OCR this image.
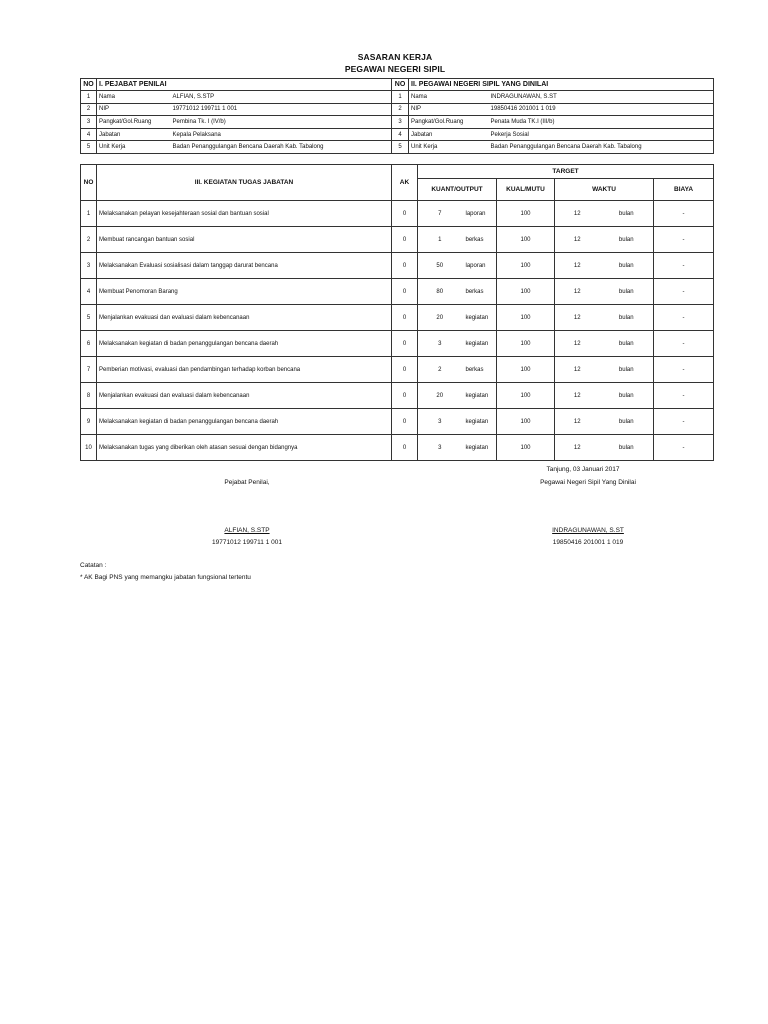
SASARAN KERJA
PEGAWAI NEGERI SIPIL
NO	I. PEJABAT PENILAI		NO	II. PEGAWAI NEGERI SIPIL YANG DINILAI	
1	Nama	ALFIAN, S.STP	1	Nama	INDRAGUNAWAN, S.ST
2	NIP	19771012 199711 1 001	2	NIP	19850416 201001 1 019
3	Pangkat/Gol.Ruang	Pembina Tk. I (IV/b)	3	Pangkat/Gol.Ruang	Penata Muda TK.I (III/b)
4	Jabatan	Kepala Pelaksana	4	Jabatan	Pekerja Sosial
5	Unit Kerja	Badan Penanggulangan Bencana Daerah Kab. Tabalong	5	Unit Kerja	Badan Penanggulangan Bencana Daerah Kab. Tabalong
NO	III. KEGIATAN TUGAS JABATAN	AK	TARGET					
			KUANT/OUTPUT		KUAL/MUTU	WAKTU		BIAYA
1	Melaksanakan pelayan kesejahteraan sosial dan bantuan sosial	0	7	laporan	100	12	bulan	-
2	Membuat rancangan bantuan sosial	0	1	berkas	100	12	bulan	-
3	Melaksanakan Evaluasi sosialisasi dalam tanggap darurat bencana	0	50	laporan	100	12	bulan	-
4	Membuat Penomoran Barang	0	80	berkas	100	12	bulan	-
5	Menjalankan evakuasi dan evaluasi dalam kebencanaan	0	20	kegiatan	100	12	bulan	-
6	Melaksanakan kegiatan di badan penanggulangan bencana daerah	0	3	kegiatan	100	12	bulan	-
7	Pemberian motivasi, evaluasi dan pendambingan terhadap korban bencana	0	2	berkas	100	12	bulan	-
8	Menjalankan evakuasi dan evaluasi dalam kebencanaan	0	20	kegiatan	100	12	bulan	-
9	Melaksanakan kegiatan di badan penanggulangan bencana daerah	0	3	kegiatan	100	12	bulan	-
10	Melaksanakan tugas yang diberikan oleh atasan sesuai dengan bidangnya	0	3	kegiatan	100	12	bulan	-
Tanjung, 03 Januari 2017
Pejabat Penilai,	Pegawai Negeri Sipil Yang Dinilai
ALFIAN, S.STP
19771012 199711 1 001
INDRAGUNAWAN, S.ST
19850416 201001 1 019
Catatan :
* AK Bagi PNS yang memangku jabatan fungsional tertentu
